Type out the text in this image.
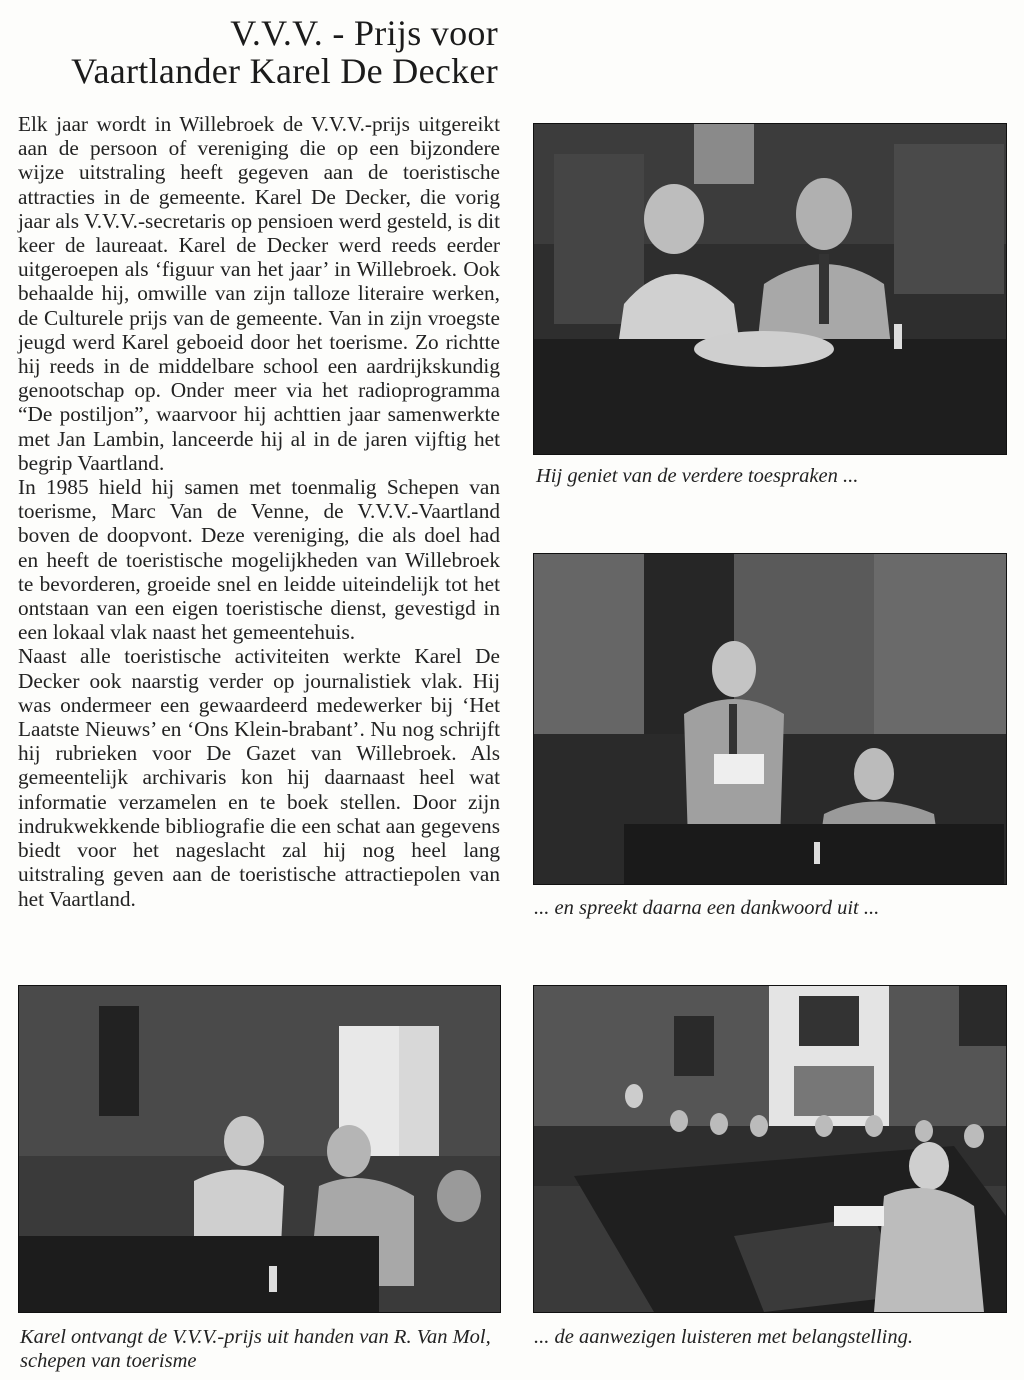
V.V.V. - Prijs voor
Vaartlander Karel De Decker

Elk jaar wordt in Willebroek de V.V.V.-prijs uitgereikt aan de persoon of vereniging die op een bijzondere wijze uitstraling heeft gegeven aan de toeristische attracties in de gemeente. Karel De Decker, die vorig jaar als V.V.V.-secretaris op pensioen werd gesteld, is dit keer de laureaat. Karel de Decker werd reeds eerder uitgeroepen als ‘figuur van het jaar’ in Willebroek. Ook behaalde hij, omwille van zijn talloze literaire werken, de Culturele prijs van de gemeente. Van in zijn vroegste jeugd werd Karel geboeid door het toerisme. Zo richtte hij reeds in de middelbare school een aardrijkskundig genootschap op. Onder meer via het radioprogramma “De postiljon”, waarvoor hij achttien jaar samenwerkte met Jan Lambin, lanceerde hij al in de jaren vijftig het begrip Vaartland.

In 1985 hield hij samen met toenmalig Schepen van toerisme, Marc Van de Venne, de V.V.V.-Vaartland boven de doopvont. Deze vereniging, die als doel had en heeft de toeristische mogelijkheden van Willebroek te bevorderen, groeide snel en leidde uiteindelijk tot het ontstaan van een eigen toeristische dienst, gevestigd in een lokaal vlak naast het gemeentehuis.

Naast alle toeristische activiteiten werkte Karel De Decker ook naarstig verder op journalistiek vlak. Hij was ondermeer een gewaardeerd medewerker bij ‘Het Laatste Nieuws’ en ‘Ons Klein-brabant’. Nu nog schrijft hij rubrieken voor De Gazet van Willebroek. Als gemeentelijk archivaris kon hij daarnaast heel wat informatie verzamelen en te boek stellen. Door zijn indrukwekkende bibliografie die een schat aan gegevens biedt voor het nageslacht zal hij nog heel lang uitstraling geven aan de toeristische attractiepolen van het Vaartland.

Hij geniet van de verdere toespraken ...
... en spreekt daarna een dankwoord uit ...
Karel ontvangt de V.V.V.-prijs uit handen van R. Van Mol, schepen van toerisme
... de aanwezigen luisteren met belangstelling.
